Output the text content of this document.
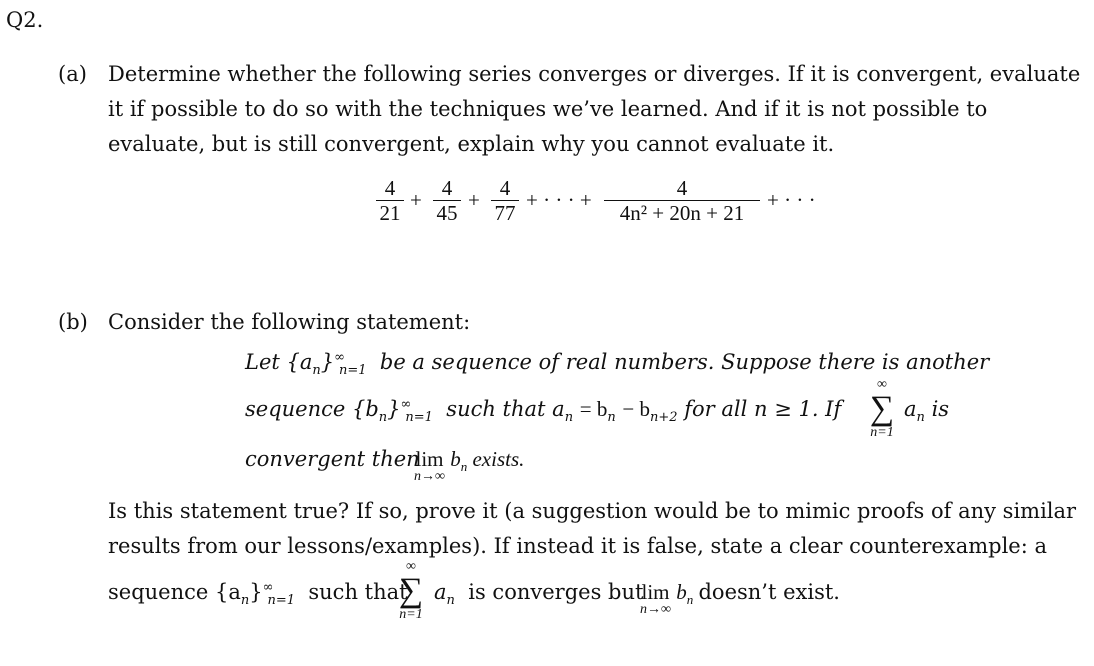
Q2.
(a) Determine whether the following series converges or diverges. If it is convergent, evaluate it if possible to do so with the techniques we’ve learned. And if it is not possible to evaluate, but is still convergent, explain why you cannot evaluate it.
4
21
+ 4
45
+ 4
77
+ · · · +	4
4n² + 20n + 21
+ · · ·
(b) Consider the following statement:
Let $\{a_n\}^\infty_{n=1}$ be a sequence of real numbers. Suppose there is another
sequence $\{b_n\}^\infty_{n=1}$ such that $a_n = b_n - b_{n+2}$ for all n ≥ 1. If
∞
∑
n=1
$a_n$ is
convergent then
lim
n→∞
$b_n$ exists.
Is this statement true? If so, prove it (a suggestion would be to mimic proofs of any similar results from our lessons/examples). If instead it is false, state a clear counterexample: a
sequence $\{a_n\}^\infty_{n=1}$ such that
∞
∑
n=1
$a_n$ is converges but
lim
n→∞
$b_n$ doesn’t exist.
